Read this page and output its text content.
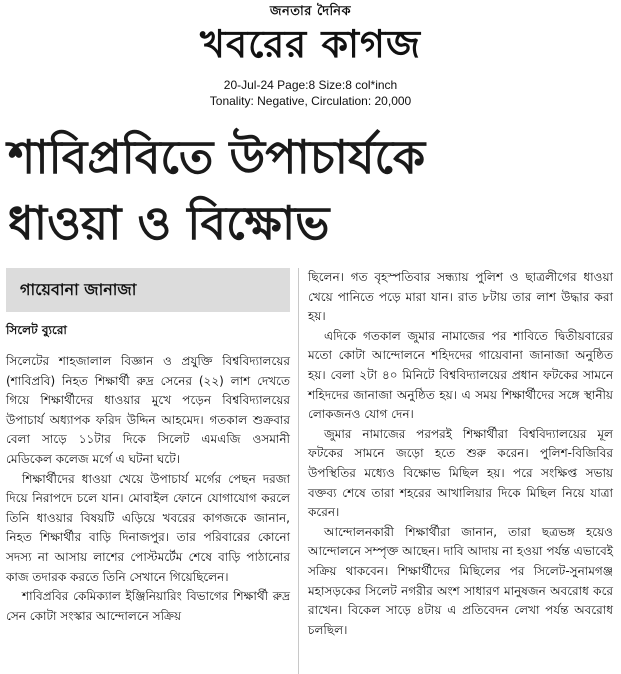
জনতার দৈনিক
খবরের কাগজ
20-Jul-24 Page:8 Size:8 col*inch
Tonality: Negative, Circulation: 20,000
শাবিপ্রবিতে উপাচার্যকে
ধাওয়া ও বিক্ষোভ
গায়েবানা জানাজা
সিলেট ব্যুরো

সিলেটের শাহজালাল বিজ্ঞান ও প্রযুক্তি বিশ্ববিদ্যালয়ের (শাবিপ্রবি) নিহত শিক্ষার্থী রুদ্র সেনের (২২) লাশ দেখতে গিয়ে শিক্ষার্থীদের ধাওয়ার মুখে পড়েন বিশ্ববিদ্যালয়ের উপাচার্য অধ্যাপক ফরিদ উদ্দিন আহমেদ। গতকাল শুক্রবার বেলা সাড়ে ১১টার দিকে সিলেট এমএজি ওসমানী মেডিকেল কলেজ মর্গে এ ঘটনা ঘটে।

শিক্ষার্থীদের ধাওয়া খেয়ে উপাচার্য মর্গের পেছন দরজা দিয়ে নিরাপদে চলে যান। মোবাইল ফোনে যোগাযোগ করলে তিনি ধাওয়ার বিষয়টি এড়িয়ে খবরের কাগজকে জানান, নিহত শিক্ষার্থীর বাড়ি দিনাজপুর। তার পরিবারের কোনো সদস্য না আসায় লাশের পোস্টমর্টেম শেষে বাড়ি পাঠানোর কাজ তদারক করতে তিনি সেখানে গিয়েছিলেন।

শাবিপ্রবির কেমিক্যাল ইঞ্জিনিয়ারিং বিভাগের শিক্ষার্থী রুদ্র সেন কোটা সংস্কার আন্দোলনে সক্রিয়

ছিলেন। গত বৃহস্পতিবার সন্ধ্যায় পুলিশ ও ছাত্রলীগের ধাওয়া খেয়ে পানিতে পড়ে মারা যান। রাত ৮টায় তার লাশ উদ্ধার করা হয়।

এদিকে গতকাল জুমার নামাজের পর শাবিতে দ্বিতীয়বারের মতো কোটা আন্দোলনে শহিদদের গায়েবানা জানাজা অনুষ্ঠিত হয়। বেলা ২টা ৪০ মিনিটে বিশ্ববিদ্যালয়ের প্রধান ফটকের সামনে শহিদদের জানাজা অনুষ্ঠিত হয়। এ সময় শিক্ষার্থীদের সঙ্গে স্থানীয় লোকজনও যোগ দেন।

জুমার নামাজের পরপরই শিক্ষার্থীরা বিশ্ববিদ্যালয়ের মূল ফটকের সামনে জড়ো হতে শুরু করেন। পুলিশ-বিজিবির উপস্থিতির মধ্যেও বিক্ষোভ মিছিল হয়। পরে সংক্ষিপ্ত সভায় বক্তব্য শেষে তারা শহরের আখালিয়ার দিকে মিছিল নিয়ে যাত্রা করেন।

আন্দোলনকারী শিক্ষার্থীরা জানান, তারা ছত্রভঙ্গ হয়েও আন্দোলনে সম্পৃক্ত আছেন। দাবি আদায় না হওয়া পর্যন্ত এভাবেই সক্রিয় থাকবেন। শিক্ষার্থীদের মিছিলের পর সিলেট-সুনামগঞ্জ মহাসড়কের সিলেট নগরীর অংশ সাধারণ মানুষজন অবরোধ করে রাখেন। বিকেল সাড়ে ৪টায় এ প্রতিবেদন লেখা পর্যন্ত অবরোধ চলছিল।
